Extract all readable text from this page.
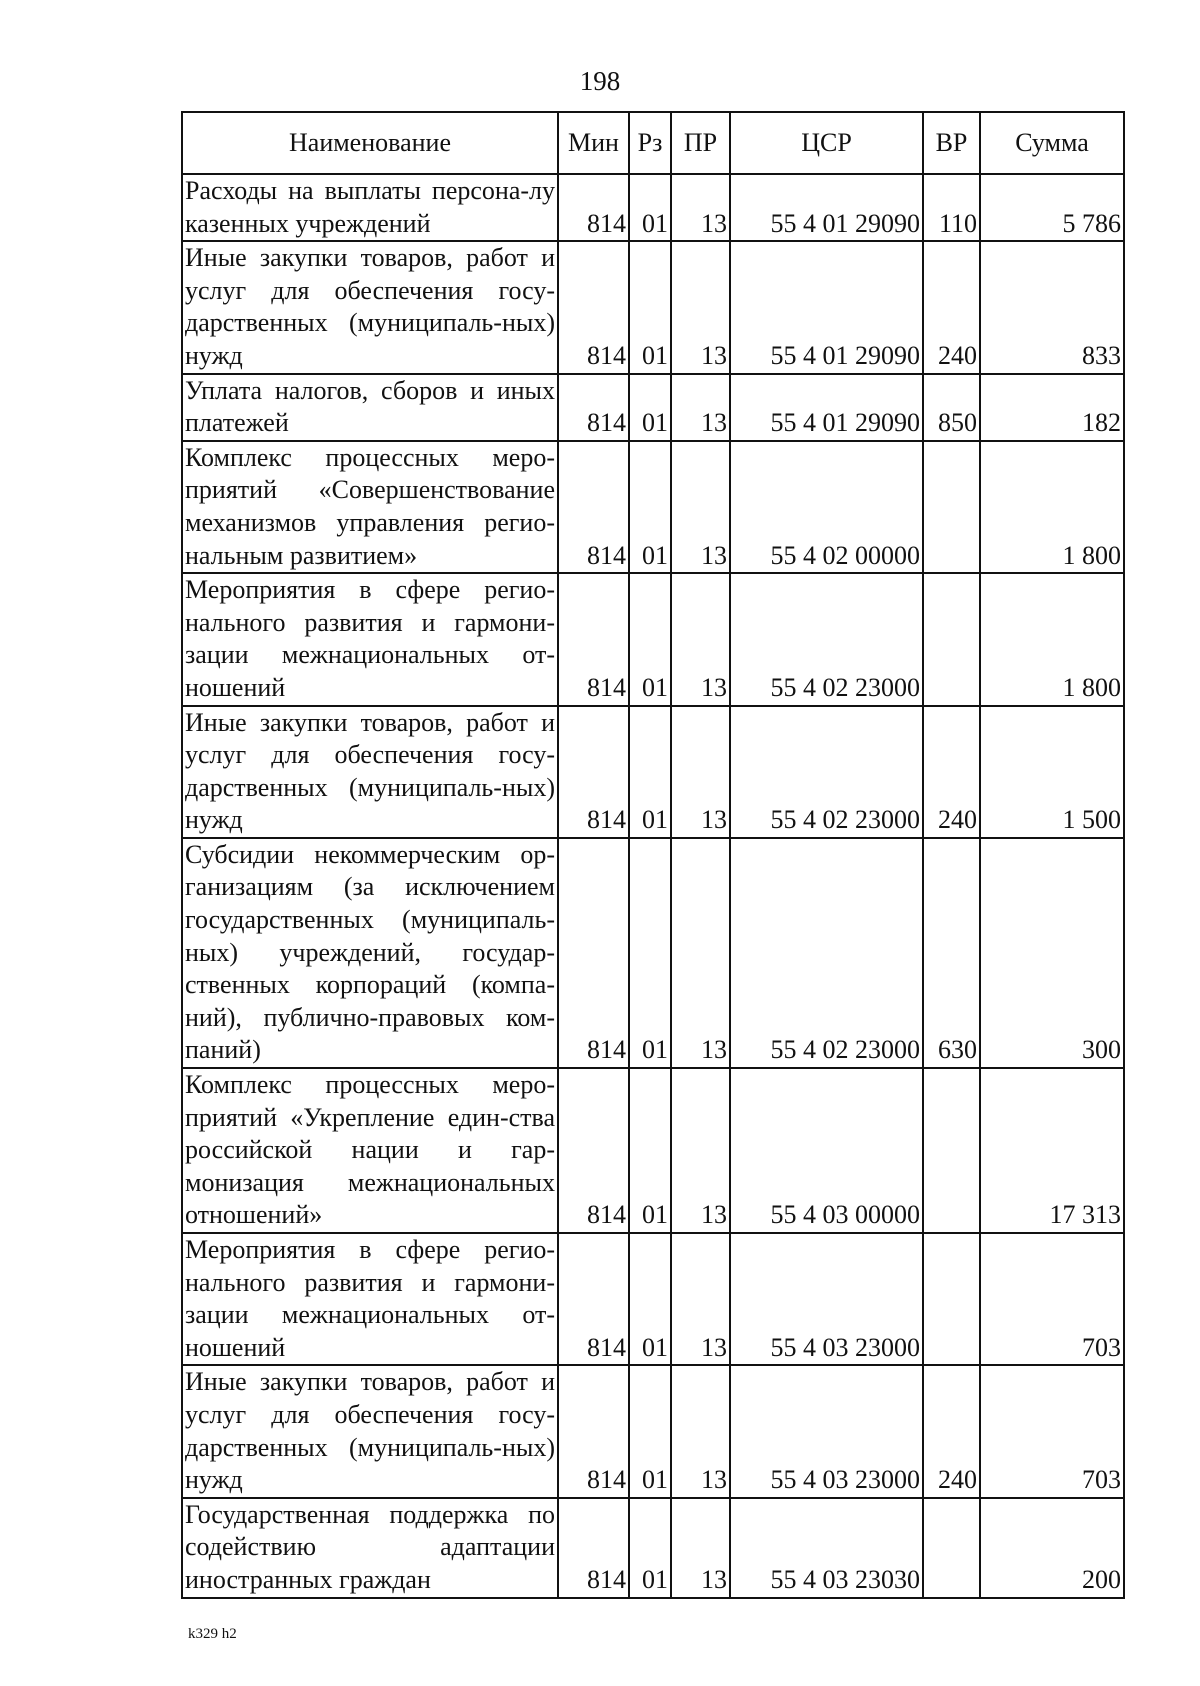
198
Наименование	Мин	Рз	ПР	ЦСР	ВР	Сумма
Расходы на выплаты персона-лу казенных учреждений	814	01	13	55 4 01 29090	110	5 786
Иные закупки товаров, работ и услуг для обеспечения госу-дарственных (муниципаль-ных) нужд	814	01	13	55 4 01 29090	240	833
Уплата налогов, сборов и иных платежей	814	01	13	55 4 01 29090	850	182
Комплекс процессных меро-приятий «Совершенствование механизмов управления регио-нальным развитием»	814	01	13	55 4 02 00000		1 800
Мероприятия в сфере регио-нального развития и гармони-зации межнациональных от-ношений	814	01	13	55 4 02 23000		1 800
Иные закупки товаров, работ и услуг для обеспечения госу-дарственных (муниципаль-ных) нужд	814	01	13	55 4 02 23000	240	1 500
Субсидии некоммерческим ор-ганизациям (за исключением государственных (муниципаль-ных) учреждений, государ-ственных корпораций (компа-ний), публично-правовых ком-паний)	814	01	13	55 4 02 23000	630	300
Комплекс процессных меро-приятий «Укрепление един-ства российской нации и гар-монизация межнациональных отношений»	814	01	13	55 4 03 00000		17 313
Мероприятия в сфере регио-нального развития и гармони-зации межнациональных от-ношений	814	01	13	55 4 03 23000		703
Иные закупки товаров, работ и услуг для обеспечения госу-дарственных (муниципаль-ных) нужд	814	01	13	55 4 03 23000	240	703
Государственная поддержка по содействию адаптации иностранных граждан	814	01	13	55 4 03 23030		200
k329 h2
